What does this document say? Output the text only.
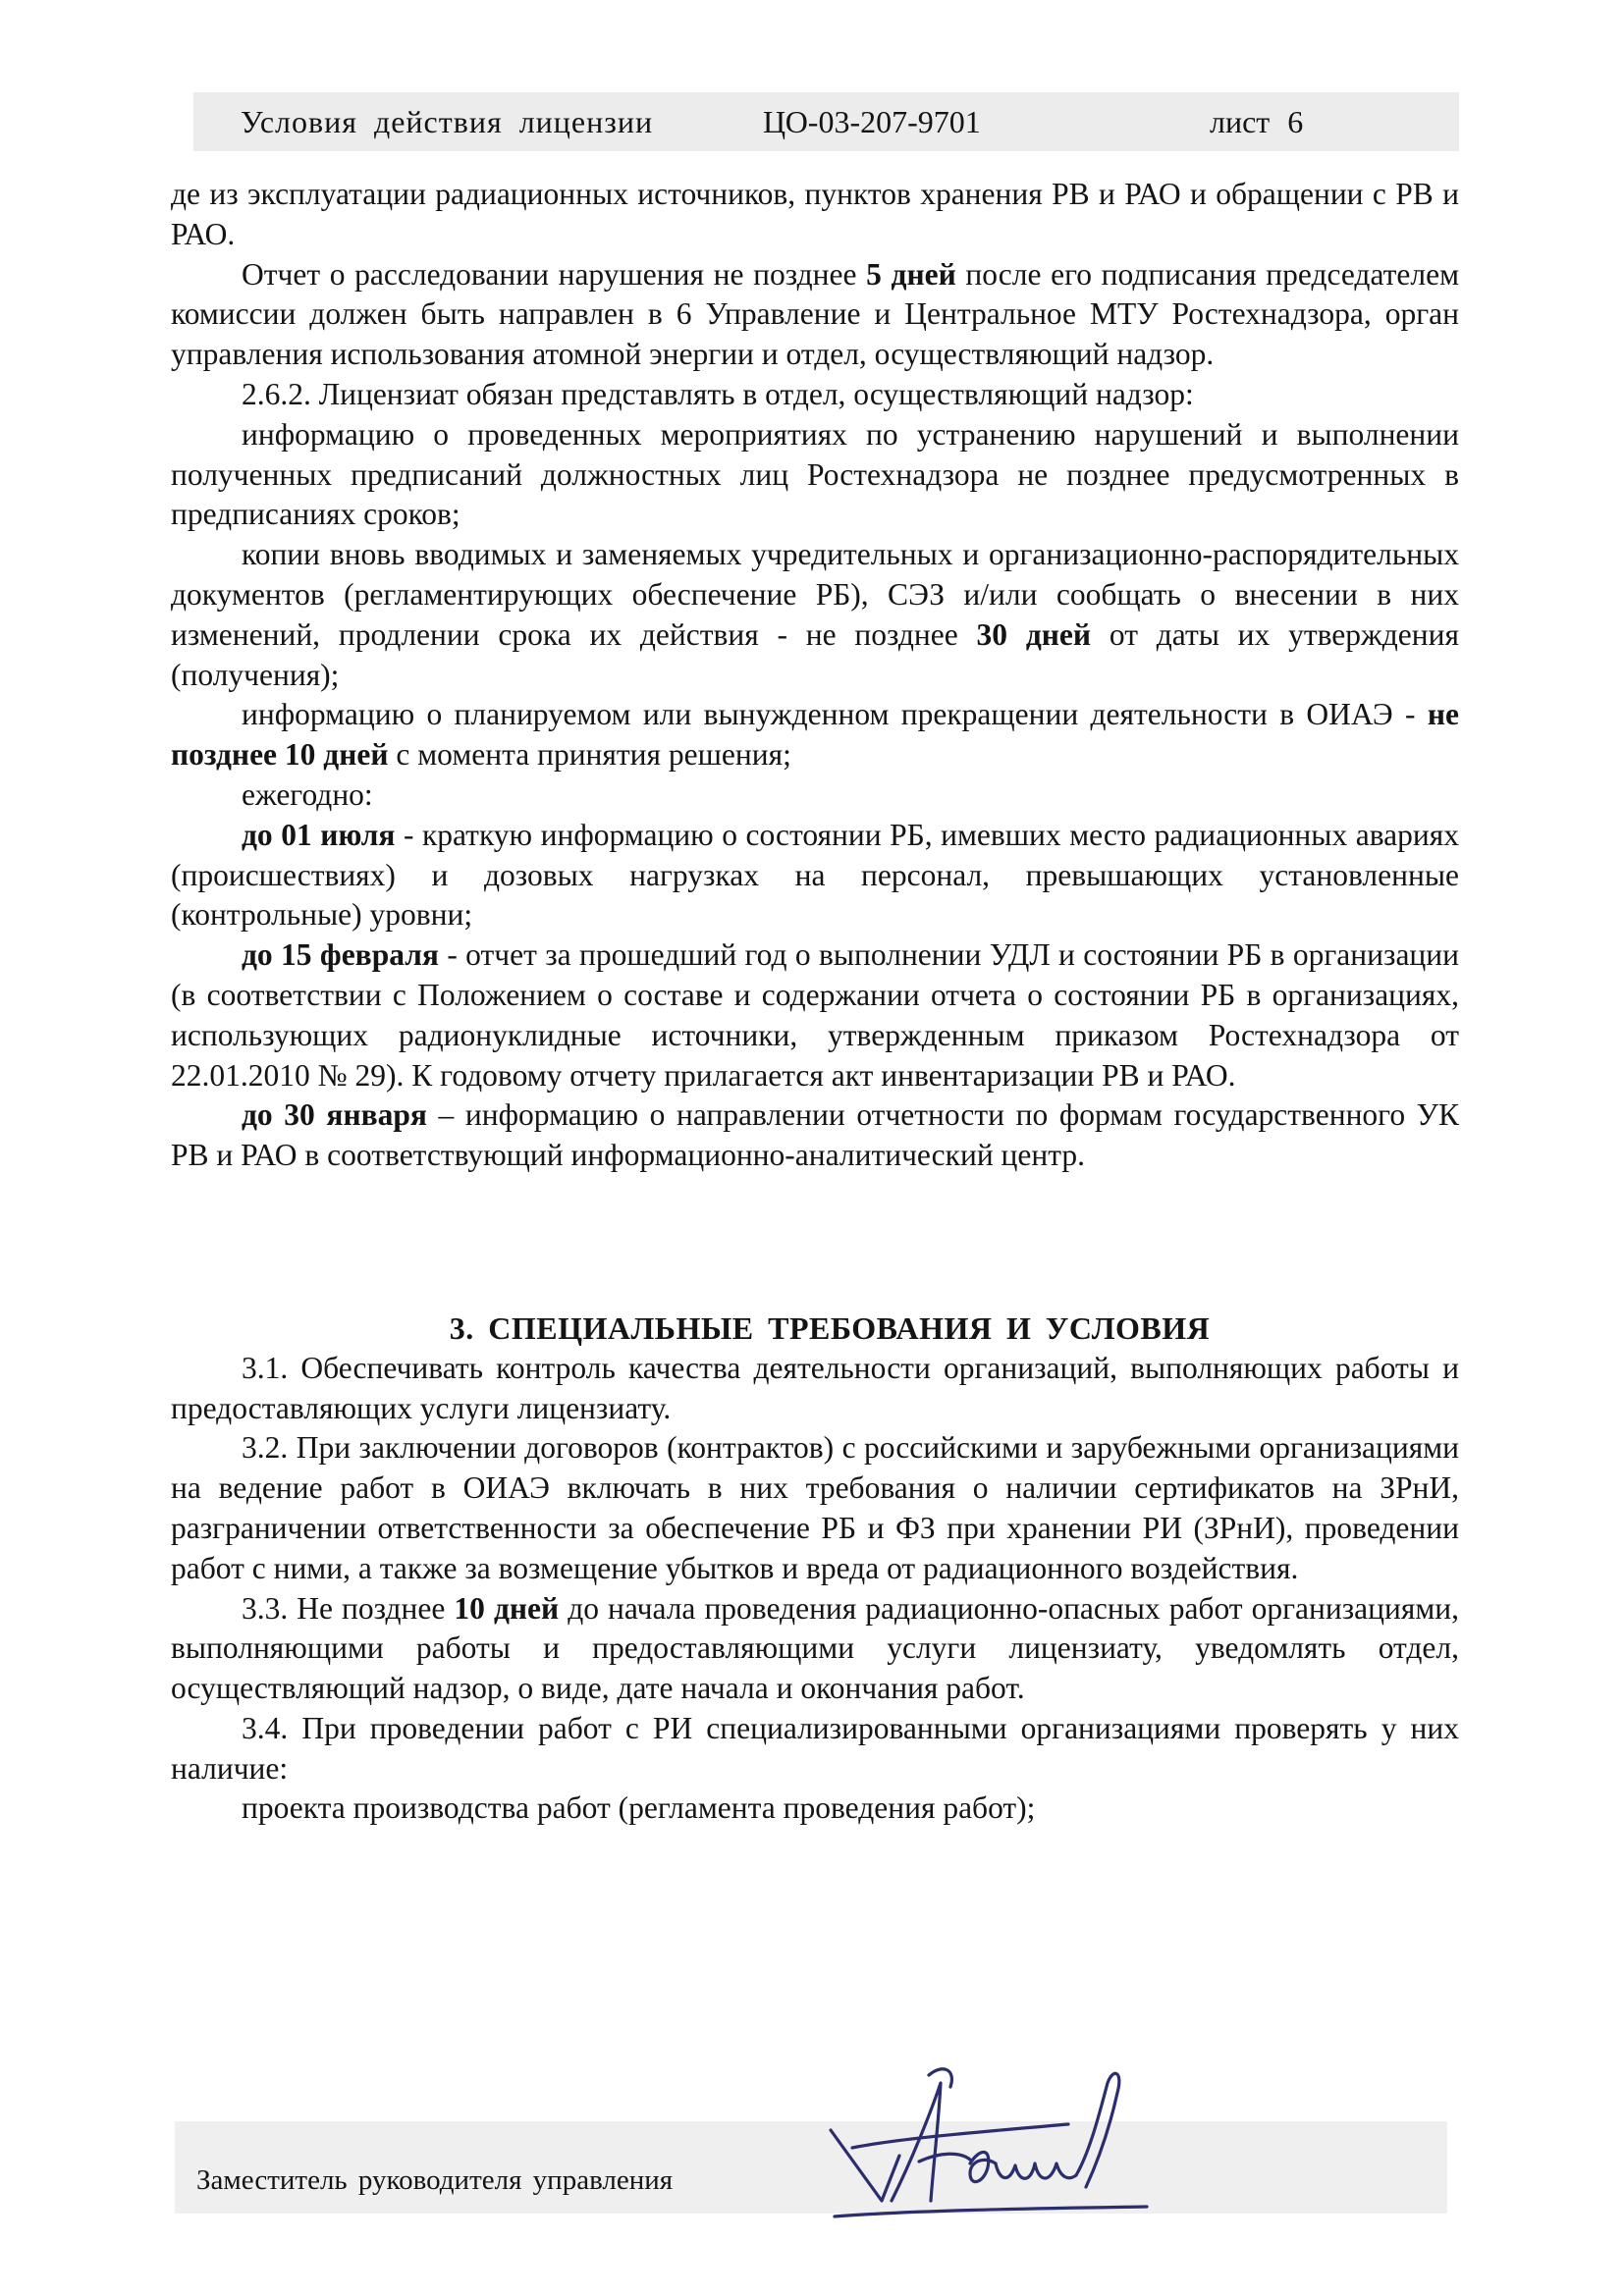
Условия действия лицензии	ЦО-03-207-9701	лист 6

де из эксплуатации радиационных источников, пунктов хранения РВ и РАО и обращении с РВ и РАО.

Отчет о расследовании нарушения не позднее 5 дней после его подписания председателем комиссии должен быть направлен в 6 Управление и Центральное МТУ Ростехнадзора, орган управления использования атомной энергии и отдел, осуществляющий надзор.

2.6.2. Лицензиат обязан представлять в отдел, осуществляющий надзор:

информацию о проведенных мероприятиях по устранению нарушений и выполнении полученных предписаний должностных лиц Ростехнадзора не позднее предусмотренных в предписаниях сроков;

копии вновь вводимых и заменяемых учредительных и организационно-распорядительных документов (регламентирующих обеспечение РБ), СЭЗ и/или сообщать о внесении в них изменений, продлении срока их действия - не позднее 30 дней от даты их утверждения (получения);

информацию о планируемом или вынужденном прекращении деятельности в ОИАЭ - не позднее 10 дней с момента принятия решения;

ежегодно:

до 01 июля - краткую информацию о состоянии РБ, имевших место радиационных авариях (происшествиях) и дозовых нагрузках на персонал, превышающих установленные (контрольные) уровни;

до 15 февраля - отчет за прошедший год о выполнении УДЛ и состоянии РБ в организации (в соответствии с Положением о составе и содержании отчета о состоянии РБ в организациях, использующих радионуклидные источники, утвержденным приказом Ростехнадзора от 22.01.2010 № 29). К годовому отчету прилагается акт инвентаризации РВ и РАО.

до 30 января – информацию о направлении отчетности по формам государственного УК РВ и РАО в соответствующий информационно-аналитический центр.

3. СПЕЦИАЛЬНЫЕ ТРЕБОВАНИЯ И УСЛОВИЯ

3.1. Обеспечивать контроль качества деятельности организаций, выполняющих работы и предоставляющих услуги лицензиату.

3.2. При заключении договоров (контрактов) с российскими и зарубежными организациями на ведение работ в ОИАЭ включать в них требования о наличии сертификатов на ЗРнИ, разграничении ответственности за обеспечение РБ и ФЗ при хранении РИ (ЗРнИ), проведении работ с ними, а также за возмещение убытков и вреда от радиационного воздействия.

3.3. Не позднее 10 дней до начала проведения радиационно-опасных работ организациями, выполняющими работы и предоставляющими услуги лицензиату, уведомлять отдел, осуществляющий надзор, о виде, дате начала и окончания работ.

3.4. При проведении работ с РИ специализированными организациями проверять у них наличие:

проекта производства работ (регламента проведения работ);

Заместитель руководителя управления
